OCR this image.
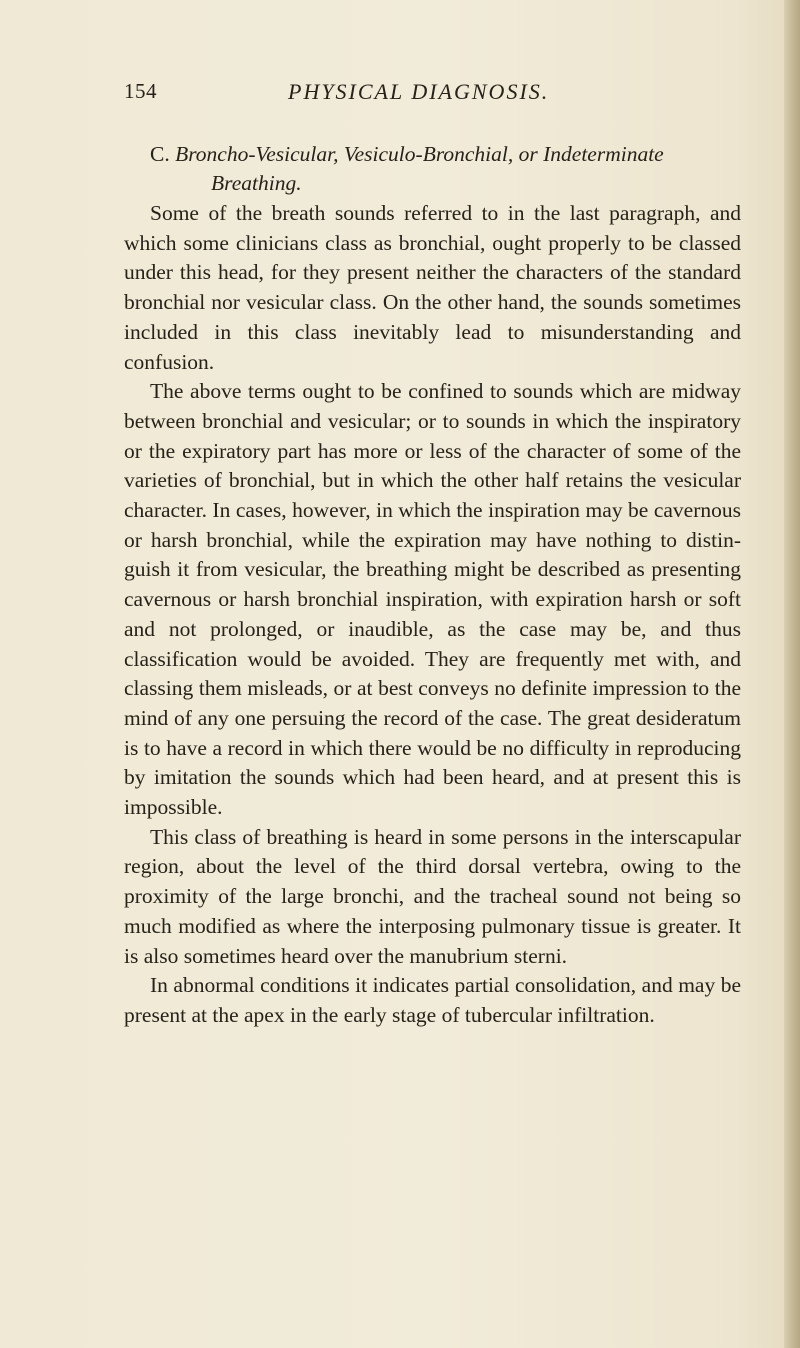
154	PHYSICAL DIAGNOSIS.
C. Broncho-Vesicular, Vesiculo-Bronchial, or Indeterminate
Breathing.

Some of the breath sounds referred to in the last paragraph, and which some clinicians class as bronchial, ought properly to be classed under this head, for they present neither the characters of the standard bronchial nor vesicular class. On the other hand, the sounds sometimes included in this class inevitably lead to misunderstanding and confusion.

The above terms ought to be confined to sounds which are midway between bronchial and vesicular; or to sounds in which the inspiratory or the expiratory part has more or less of the character of some of the varieties of bronchial, but in which the other half retains the vesicular character. In cases, however, in which the inspiration may be cavernous or harsh bronchial, while the expiration may have nothing to distinguish it from vesicular, the breathing might be described as presenting cavernous or harsh bronchial inspiration, with expiration harsh or soft and not prolonged, or inaudible, as the case may be, and thus classification would be avoided. They are frequently met with, and classing them misleads, or at best conveys no definite impression to the mind of any one persuing the record of the case. The great desideratum is to have a record in which there would be no difficulty in reproducing by imitation the sounds which had been heard, and at present this is impossible.

This class of breathing is heard in some persons in the interscapular region, about the level of the third dorsal vertebra, owing to the proximity of the large bronchi, and the tracheal sound not being so much modified as where the interposing pulmonary tissue is greater. It is also sometimes heard over the manubrium sterni.

In abnormal conditions it indicates partial consolidation, and may be present at the apex in the early stage of tubercular infiltration.
